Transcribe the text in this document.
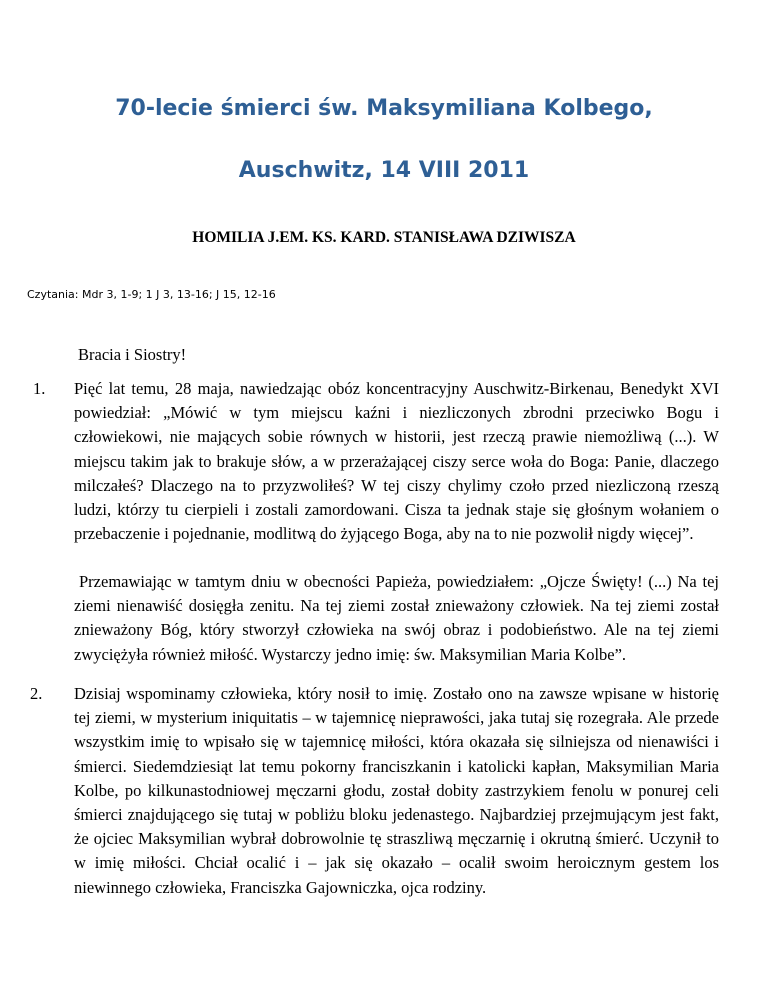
70-lecie śmierci św. Maksymiliana Kolbego,
Auschwitz, 14 VIII 2011
HOMILIA J.EM. KS. KARD. STANISŁAWA DZIWISZA
Czytania: Mdr 3, 1-9; 1 J 3, 13-16; J 15, 12-16
Bracia i Siostry!
1. Pięć lat temu, 28 maja, nawiedzając obóz koncentracyjny Auschwitz-Birkenau, Benedykt XVI powiedział: „Mówić w tym miejscu kaźni i niezliczonych zbrodni przeciwko Bogu i człowiekowi, nie mających sobie równych w historii, jest rzeczą prawie niemożliwą (...). W miejscu takim jak to brakuje słów, a w przerażającej ciszy serce woła do Boga: Panie, dlaczego milczałeś? Dlaczego na to przyzwoliłeś? W tej ciszy chylimy czoło przed niezliczoną rzeszą ludzi, którzy tu cierpieli i zostali zamordowani. Cisza ta jednak staje się głośnym wołaniem o przebaczenie i pojednanie, modlitwą do żyjącego Boga, aby na to nie pozwolił nigdy więcej”.
Przemawiając w tamtym dniu w obecności Papieża, powiedziałem: „Ojcze Święty! (...) Na tej ziemi nienawiść dosięgła zenitu. Na tej ziemi został znieważony człowiek. Na tej ziemi został znieważony Bóg, który stworzył człowieka na swój obraz i podobieństwo. Ale na tej ziemi zwyciężyła również miłość. Wystarczy jedno imię: św. Maksymilian Maria Kolbe”.
2. Dzisiaj wspominamy człowieka, który nosił to imię. Zostało ono na zawsze wpisane w historię tej ziemi, w mysterium iniquitatis – w tajemnicę nieprawości, jaka tutaj się rozegrała. Ale przede wszystkim imię to wpisało się w tajemnicę miłości, która okazała się silniejsza od nienawiści i śmierci. Siedemdziesiąt lat temu pokorny franciszkanin i katolicki kapłan, Maksymilian Maria Kolbe, po kilkunastodniowej męczarni głodu, został dobity zastrzykiem fenolu w ponurej celi śmierci znajdującego się tutaj w pobliżu bloku jedenastego. Najbardziej przejmującym jest fakt, że ojciec Maksymilian wybrał dobrowolnie tę straszliwą męczarnię i okrutną śmierć. Uczynił to w imię miłości. Chciał ocalić i – jak się okazało – ocalił swoim heroicznym gestem los niewinnego człowieka, Franciszka Gajowniczka, ojca rodziny.
